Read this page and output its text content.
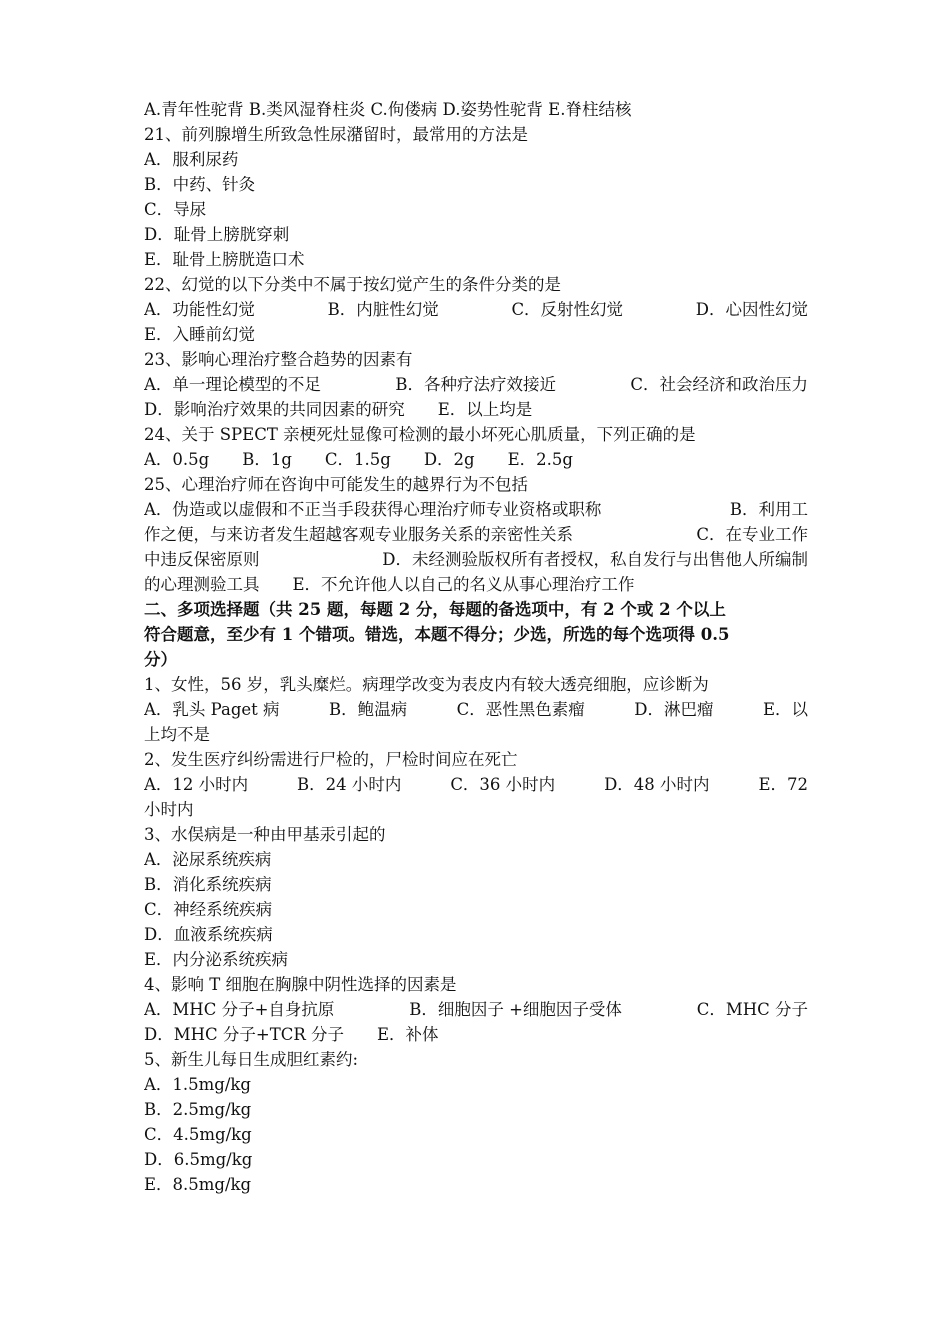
A.青年性驼背 B.类风湿脊柱炎 C.佝偻病 D.姿势性驼背 E.脊柱结核
21、前列腺增生所致急性尿潴留时，最常用的方法是
A．服利尿药
B．中药、针灸
C．导尿
D．耻骨上膀胱穿刺
E．耻骨上膀胱造口术
22、幻觉的以下分类中不属于按幻觉产生的条件分类的是
A．功能性幻觉	B．内脏性幻觉	C．反射性幻觉	D．心因性幻觉
E．入睡前幻觉
23、影响心理治疗整合趋势的因素有
A．单一理论模型的不足	B．各种疗法疗效接近	C．社会经济和政治压力
D．影响治疗效果的共同因素的研究　　E．以上均是
24、关于 SPECT 亲梗死灶显像可检测的最小坏死心肌质量，下列正确的是
A．0.5g　　B．1g　　C．1.5g　　D．2g　　E．2.5g
25、心理治疗师在咨询中可能发生的越界行为不包括
A．伪造或以虚假和不正当手段获得心理治疗师专业资格或职称	B．利用工
作之便，与来访者发生超越客观专业服务关系的亲密性关系	C．在专业工作
中违反保密原则	D．未经测验版权所有者授权，私自发行与出售他人所编制
的心理测验工具　　E．不允许他人以自己的名义从事心理治疗工作
二、多项选择题（共 25 题，每题 2 分，每题的备选项中，有 2 个或 2 个以上
符合题意，至少有 1 个错项。错选，本题不得分；少选，所选的每个选项得 0.5
分）
1、女性，56 岁，乳头糜烂。病理学改变为表皮内有较大透亮细胞，应诊断为
A．乳头 Paget 病	B．鲍温病	C．恶性黑色素瘤	D．淋巴瘤	E．以
上均不是
2、发生医疗纠纷需进行尸检的，尸检时间应在死亡
A．12 小时内	B．24 小时内	C．36 小时内	D．48 小时内	E．72
小时内
3、水俣病是一种由甲基汞引起的
A．泌尿系统疾病
B．消化系统疾病
C．神经系统疾病
D．血液系统疾病
E．内分泌系统疾病
4、影响 T 细胞在胸腺中阴性选择的因素是
A．MHC 分子+自身抗原	B．细胞因子 +细胞因子受体	C．MHC 分子
D．MHC 分子+TCR 分子　　E．补体
5、新生儿每日生成胆红素约:
A．1.5mg/kg
B．2.5mg/kg
C．4.5mg/kg
D．6.5mg/kg
E．8.5mg/kg
